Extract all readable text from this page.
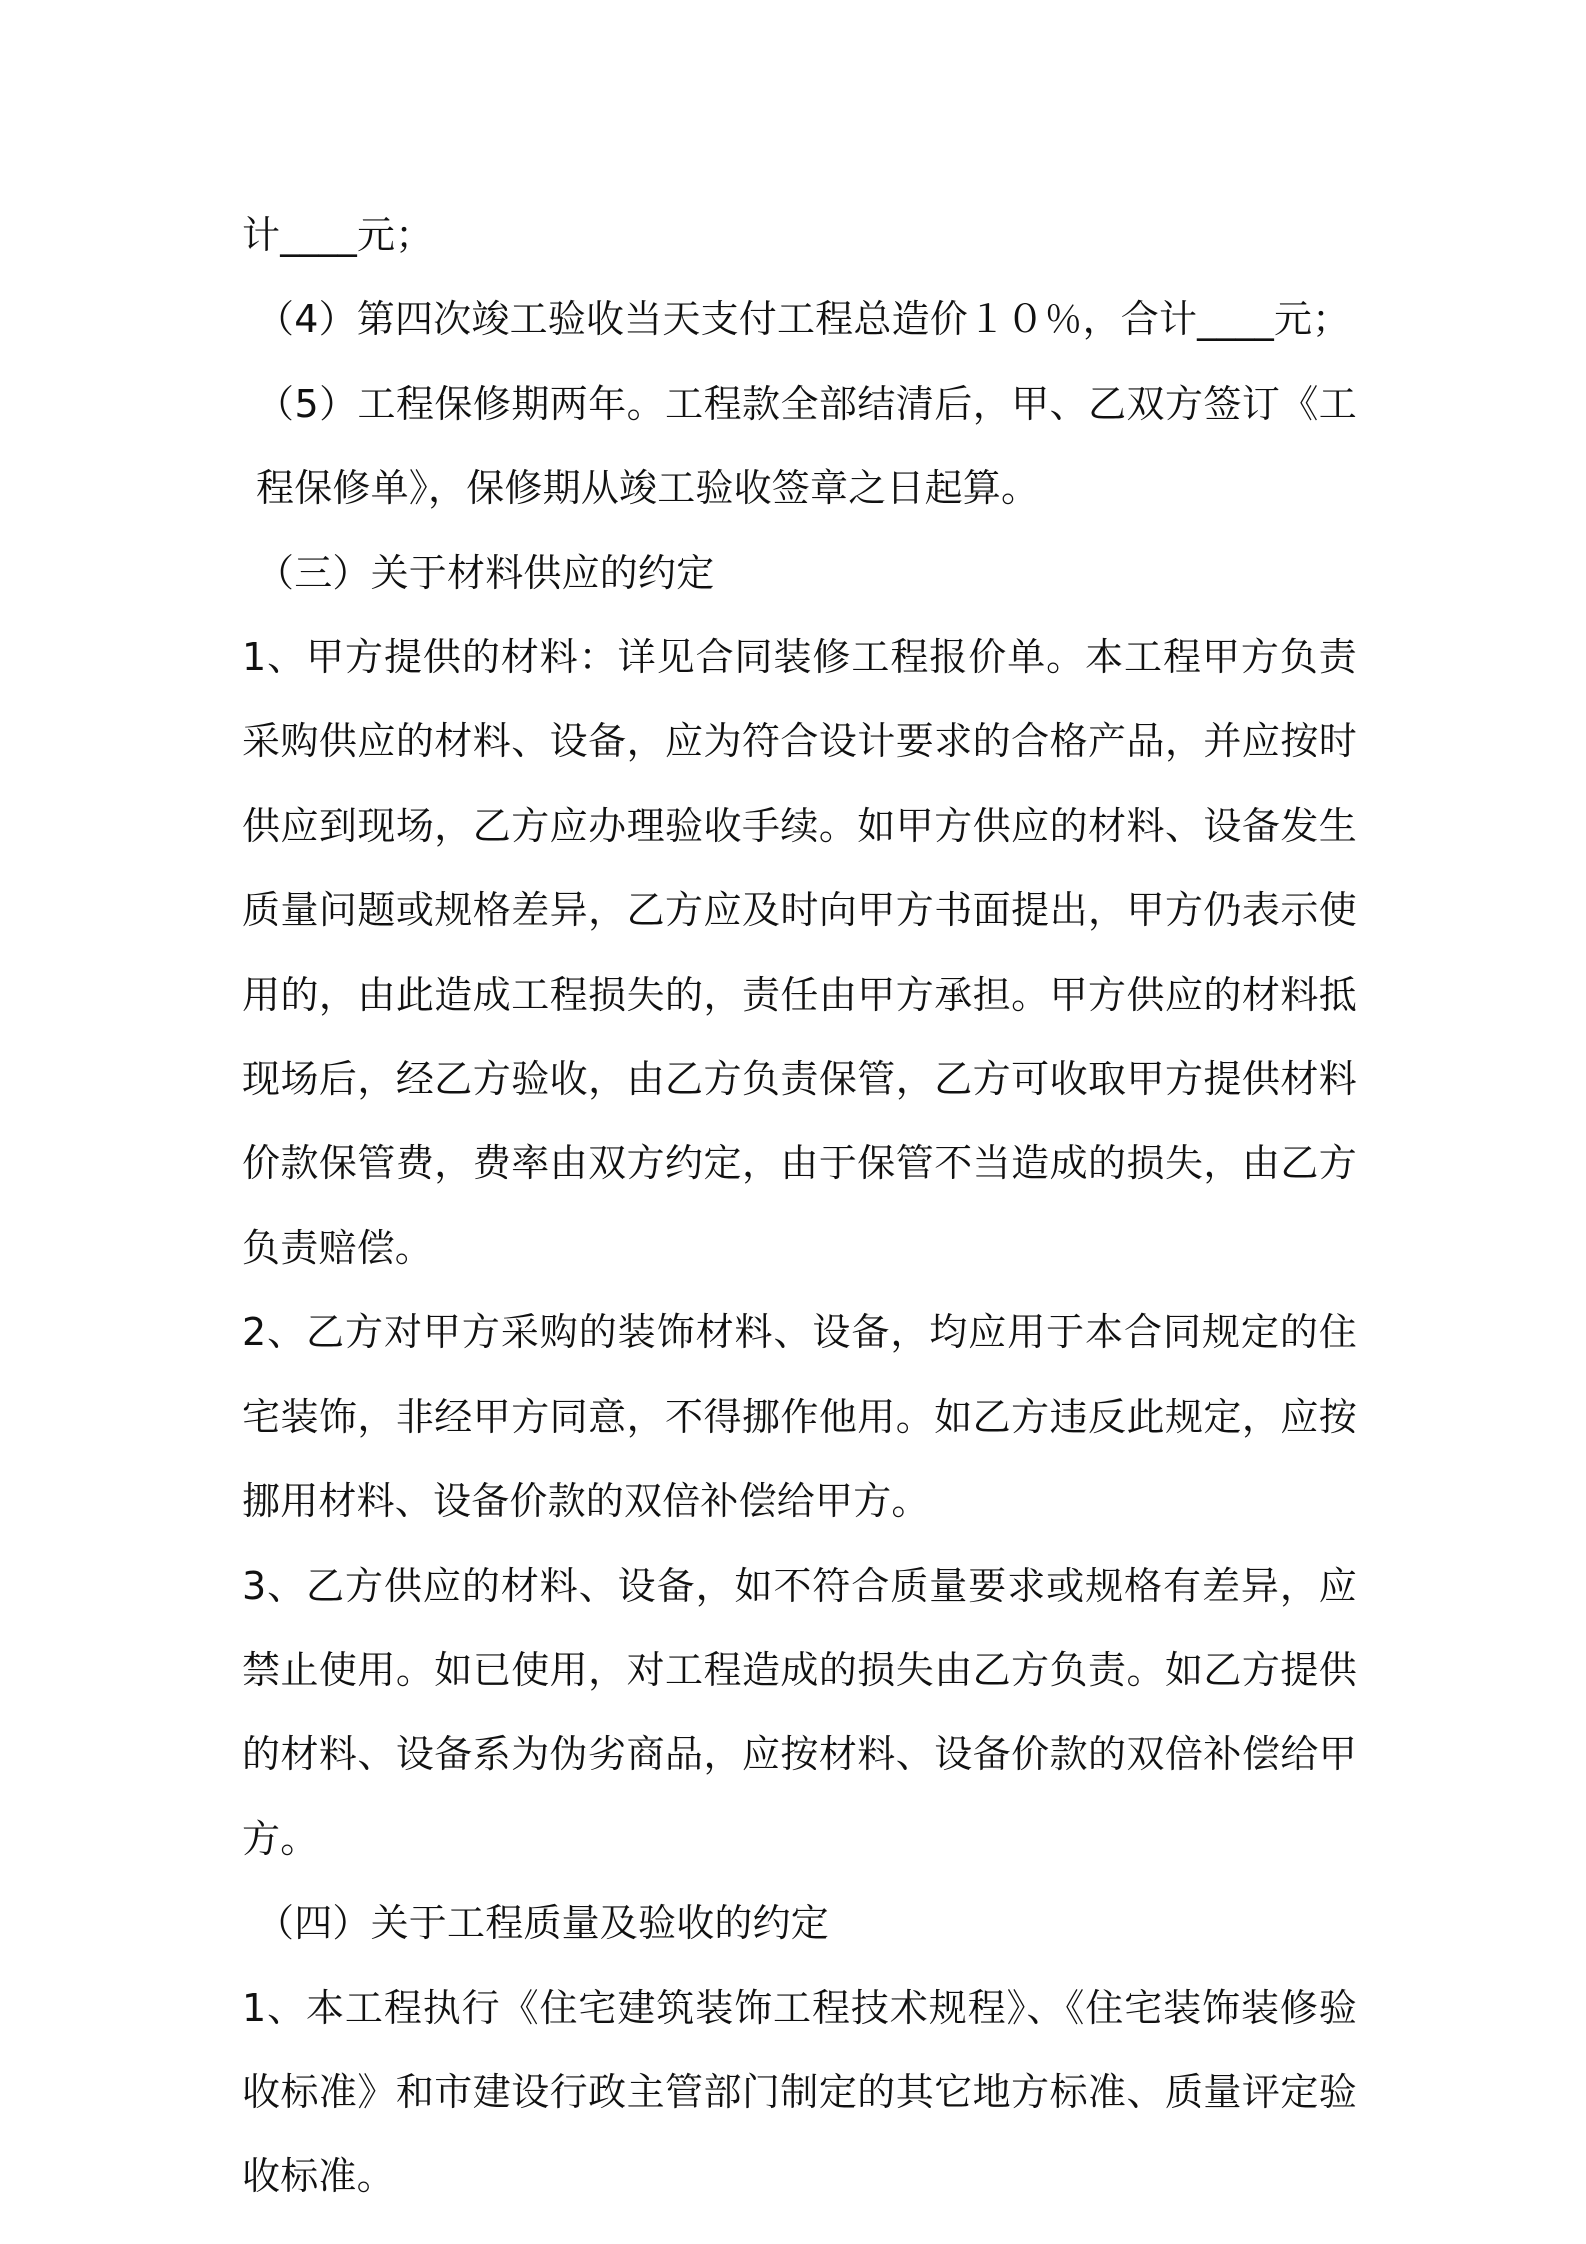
计____元；

（4）第四次竣工验收当天支付工程总造价１０％，合计____元；

（5）工程保修期两年。工程款全部结清后，甲、乙双方签订《工程保修单》，保修期从竣工验收签章之日起算。

（三）关于材料供应的约定

1、甲方提供的材料：详见合同装修工程报价单。本工程甲方负责采购供应的材料、设备，应为符合设计要求的合格产品，并应按时供应到现场，乙方应办理验收手续。如甲方供应的材料、设备发生质量问题或规格差异，乙方应及时向甲方书面提出，甲方仍表示使用的，由此造成工程损失的，责任由甲方承担。甲方供应的材料抵现场后，经乙方验收，由乙方负责保管，乙方可收取甲方提供材料价款保管费，费率由双方约定，由于保管不当造成的损失，由乙方负责赔偿。

2、乙方对甲方采购的装饰材料、设备，均应用于本合同规定的住宅装饰，非经甲方同意，不得挪作他用。如乙方违反此规定，应按挪用材料、设备价款的双倍补偿给甲方。

3、乙方供应的材料、设备，如不符合质量要求或规格有差异，应禁止使用。如已使用，对工程造成的损失由乙方负责。如乙方提供的材料、设备系为伪劣商品，应按材料、设备价款的双倍补偿给甲方。

（四）关于工程质量及验收的约定

1、本工程执行《住宅建筑装饰工程技术规程》、《住宅装饰装修验收标准》和市建设行政主管部门制定的其它地方标准、质量评定验收标准。
